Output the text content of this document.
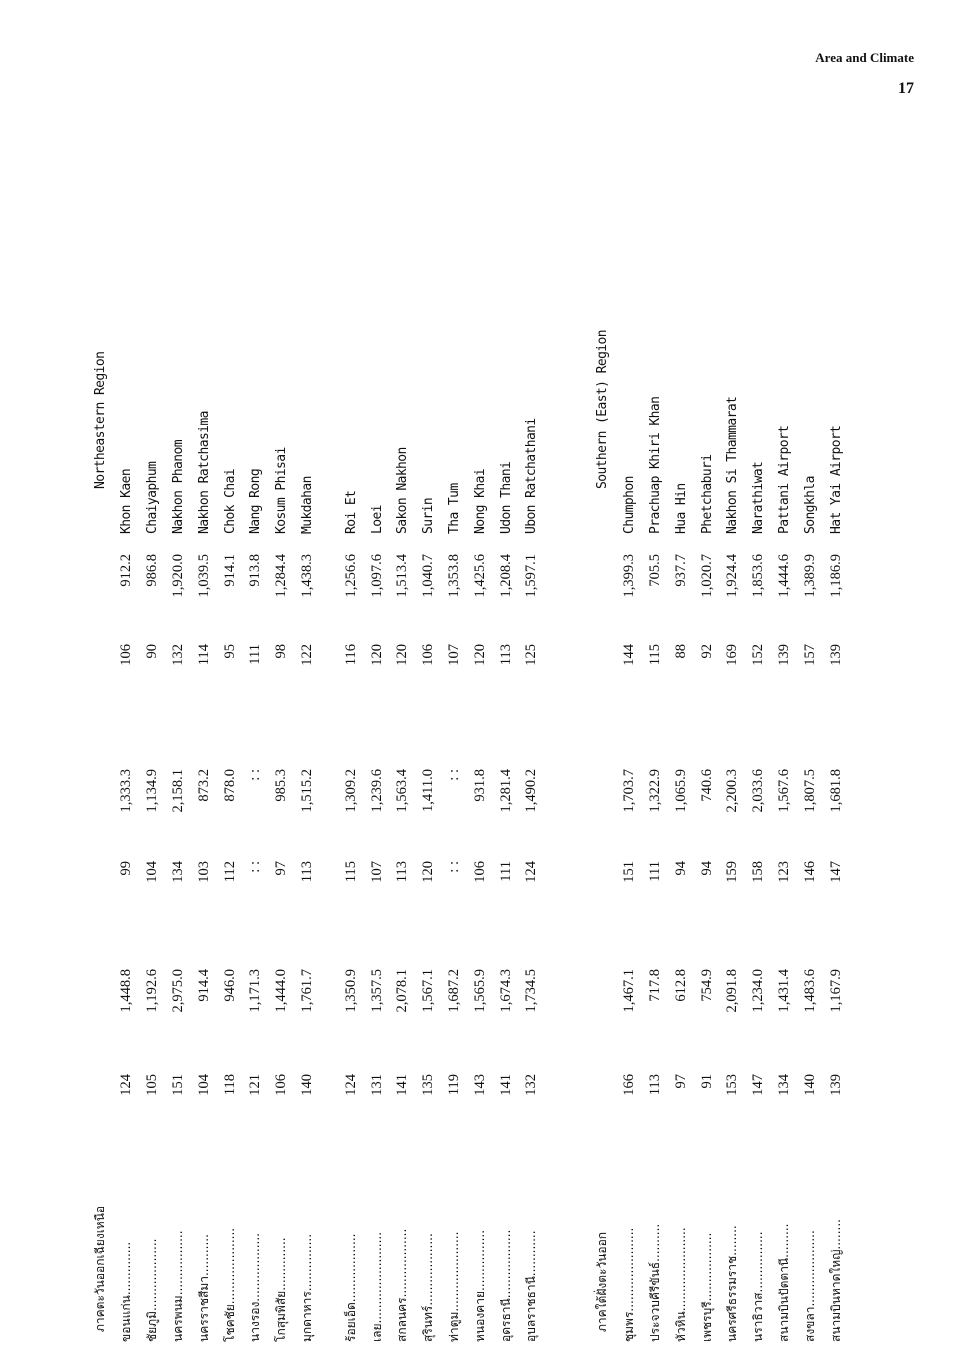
Area and Climate
17
ภาคตะวันออกเฉียงเหนือ
Northeastern Region
ขอนแก่น..............
124
1,448.8
99
1,333.3
106
912.2
Khon Kaen
ชัยภูมิ...................
105
1,192.6
104
1,134.9
90
986.8
Chaiyaphum
นครพนม.................
151
2,975.0
134
2,158.1
132
1,920.0
Nakhon Phanom
นครราชสีมา...........
104
914.4
103
873.2
114
1,039.5
Nakhon Ratchasima
โชคชัย....................
118
946.0
112
878.0
95
914.1
Chok Chai
นางรอง..................
121
1,171.3
: :
: :
111
913.8
Nang Rong
โกสุมพิสัย..............
106
1,444.0
97
985.3
98
1,284.4
Kosum Phisai
มุกดาหาร...............
140
1,761.7
113
1,515.2
122
1,438.3
Mukdahan
ร้อยเอ็ด..................
124
1,350.9
115
1,309.2
116
1,256.6
Roi Et
เลย........................
131
1,357.5
107
1,239.6
120
1,097.6
Loei
สกลนคร..................
141
2,078.1
113
1,563.4
120
1,513.4
Sakon Nakhon
สุรินทร์...................
135
1,567.1
120
1,411.0
106
1,040.7
Surin
ท่าตูม.....................
119
1,687.2
: :
: :
107
1,353.8
Tha Tum
หนองคาย................
143
1,565.9
106
931.8
120
1,425.6
Nong Khai
อุดรธานี..................
141
1,674.3
111
1,281.4
113
1,208.4
Udon Thani
อุบลราชธานี............
132
1,734.5
124
1,490.2
125
1,597.1
Ubon Ratchathani
ภาคใต้ฝั่งตะวันออก
Southern (East) Region
ชุมพร......................
166
1,467.1
151
1,703.7
144
1,399.3
Chumphon
ประจวบคีรีขันธ์..........
113
717.8
111
1,322.9
115
705.5
Prachuap Khiri Khan
หัวหิน......................
97
612.8
94
1,065.9
88
937.7
Hua Hin
เพชรบุรี..................
91
754.9
94
740.6
92
1,020.7
Phetchaburi
นครศรีธรรมราช........
153
2,091.8
159
2,200.3
169
1,924.4
Nakhon Si Thammarat
นราธิวาส................
147
1,234.0
158
2,033.6
152
1,853.6
Narathiwat
สนามบินปัตตานี.........
134
1,431.4
123
1,567.6
139
1,444.6
Pattani Airport
สงขลา....................
140
1,483.6
146
1,807.5
157
1,389.9
Songkhla
สนามบินหาดใหญ่........
139
1,167.9
147
1,681.8
139
1,186.9
Hat Yai Airport
